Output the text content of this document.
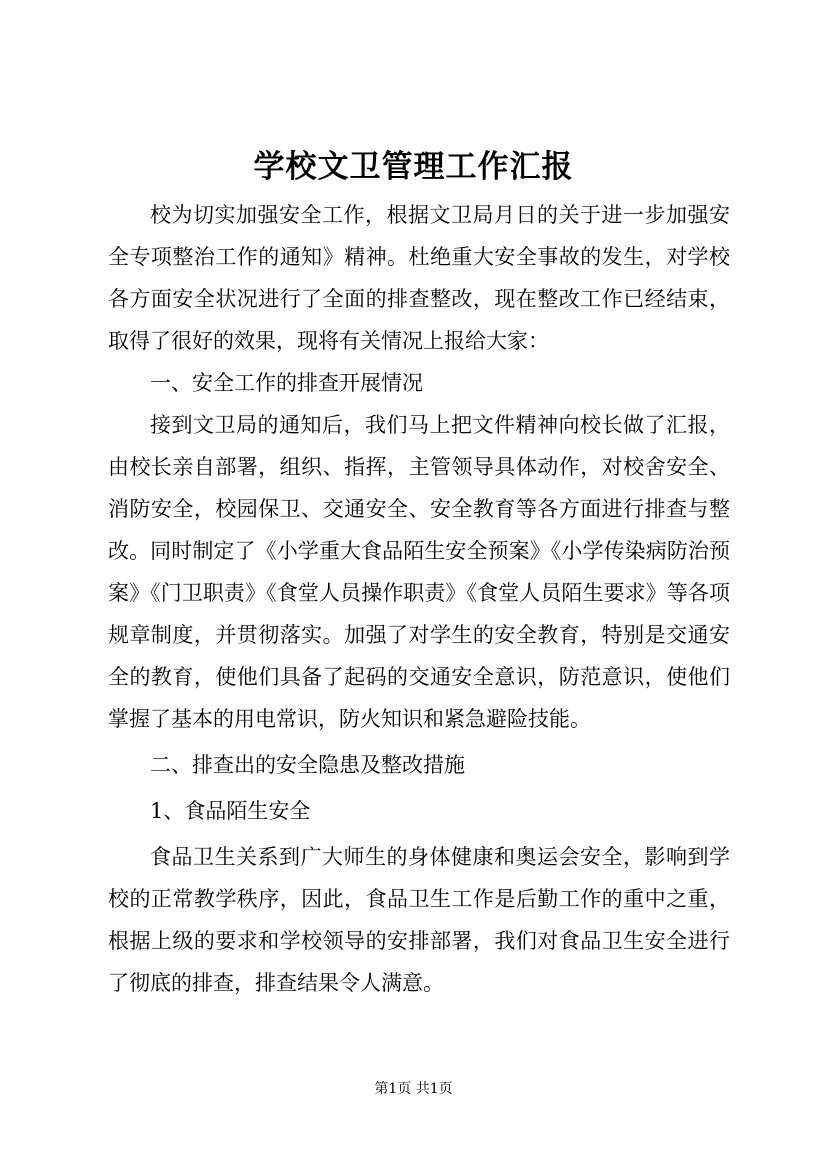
学校文卫管理工作汇报

校为切实加强安全工作，根据文卫局月日的关于进一步加强安全专项整治工作的通知》精神。杜绝重大安全事故的发生，对学校各方面安全状况进行了全面的排查整改，现在整改工作已经结束，取得了很好的效果，现将有关情况上报给大家：

一、安全工作的排查开展情况

接到文卫局的通知后，我们马上把文件精神向校长做了汇报，由校长亲自部署，组织、指挥，主管领导具体动作，对校舍安全、消防安全，校园保卫、交通安全、安全教育等各方面进行排查与整改。同时制定了《小学重大食品陌生安全预案》《小学传染病防治预案》《门卫职责》《食堂人员操作职责》《食堂人员陌生要求》等各项规章制度，并贯彻落实。加强了对学生的安全教育，特别是交通安全的教育，使他们具备了起码的交通安全意识，防范意识，使他们掌握了基本的用电常识，防火知识和紧急避险技能。

二、排查出的安全隐患及整改措施

1、食品陌生安全

食品卫生关系到广大师生的身体健康和奥运会安全，影响到学校的正常教学秩序，因此，食品卫生工作是后勤工作的重中之重，根据上级的要求和学校领导的安排部署，我们对食品卫生安全进行了彻底的排查，排查结果令人满意。

第1页 共1页
